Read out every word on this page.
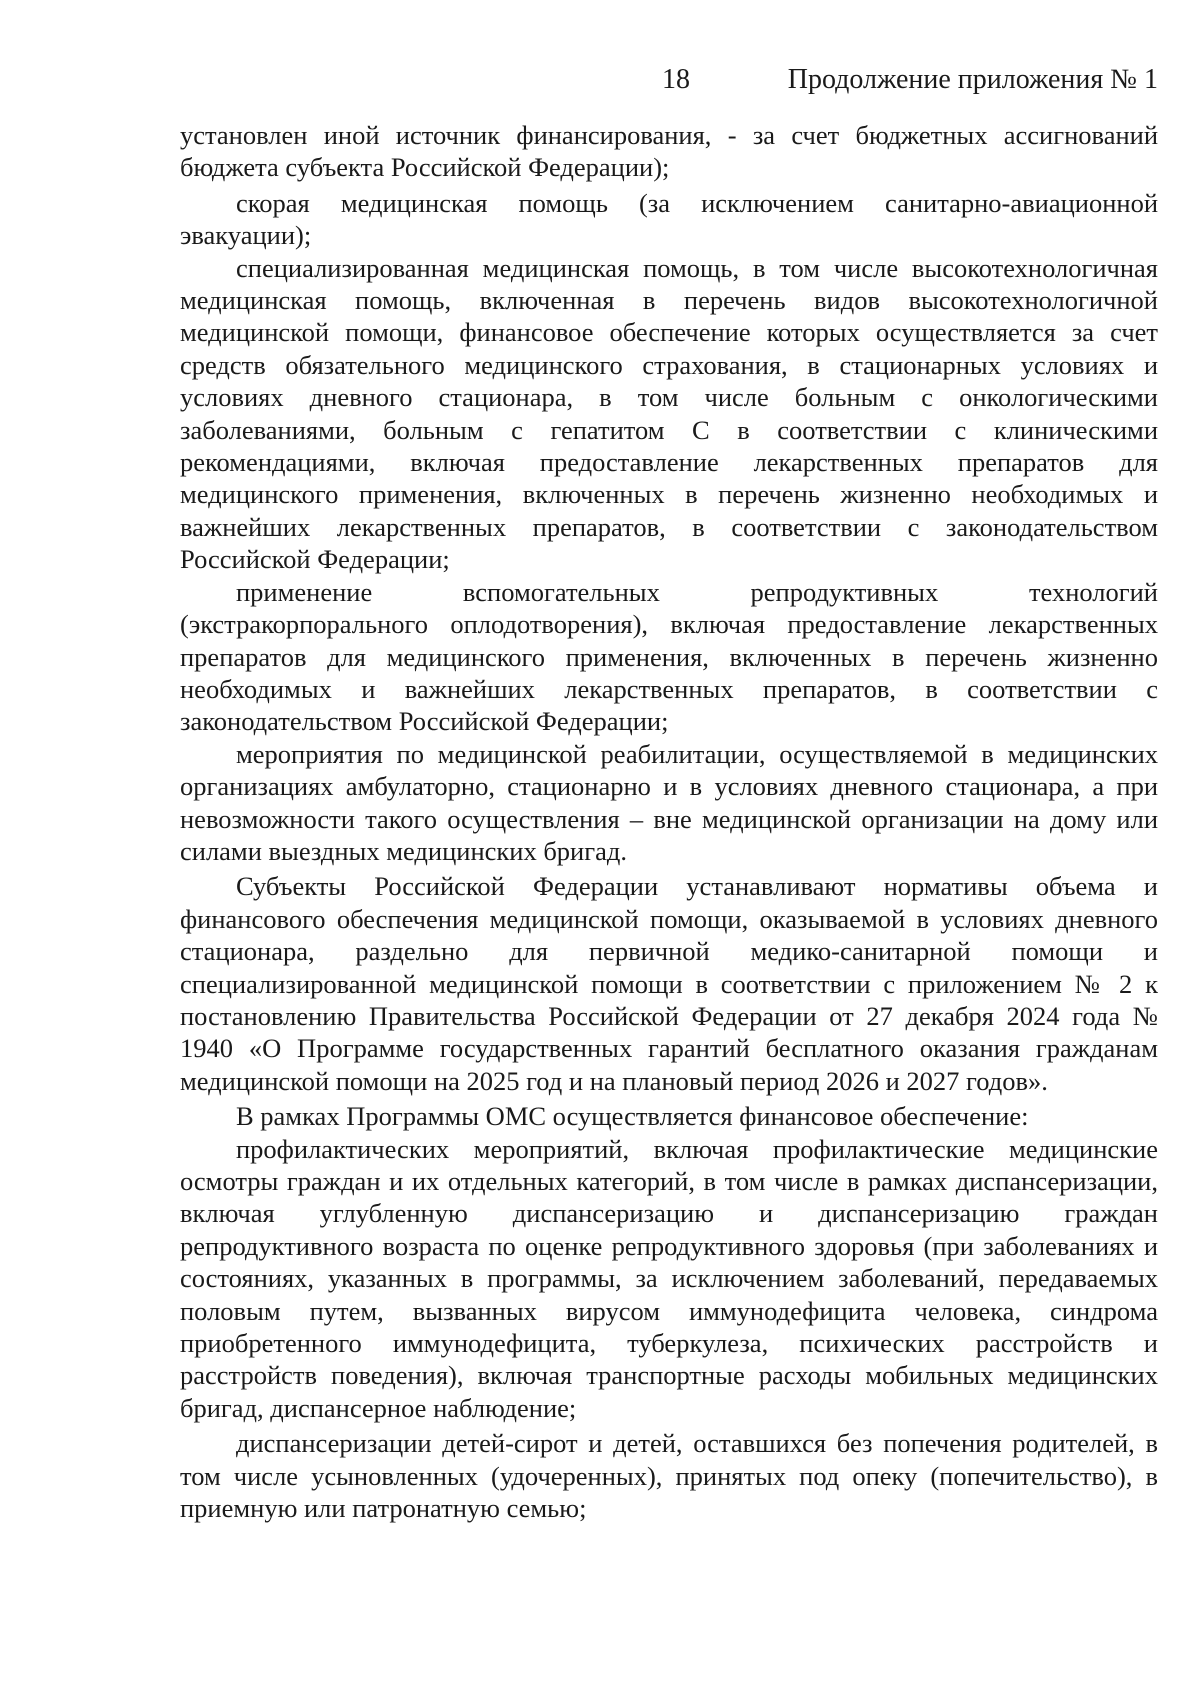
18	Продолжение приложения № 1

установлен иной источник финансирования, - за счет бюджетных ассигнований бюджета субъекта Российской Федерации);

скорая медицинская помощь (за исключением санитарно-авиационной эвакуации);

специализированная медицинская помощь, в том числе высокотехнологичная медицинская помощь, включенная в перечень видов высокотехнологичной медицинской помощи, финансовое обеспечение которых осуществляется за счет средств обязательного медицинского страхования, в стационарных условиях и условиях дневного стационара, в том числе больным с онкологическими заболеваниями, больным с гепатитом С в соответствии с клиническими рекомендациями, включая предоставление лекарственных препаратов для медицинского применения, включенных в перечень жизненно необходимых и важнейших лекарственных препаратов, в соответствии с законодательством Российской Федерации;

применение вспомогательных репродуктивных технологий (экстракорпорального оплодотворения), включая предоставление лекарственных препаратов для медицинского применения, включенных в перечень жизненно необходимых и важнейших лекарственных препаратов, в соответствии с законодательством Российской Федерации;

мероприятия по медицинской реабилитации, осуществляемой в медицинских организациях амбулаторно, стационарно и в условиях дневного стационара, а при невозможности такого осуществления – вне медицинской организации на дому или силами выездных медицинских бригад.

Субъекты Российской Федерации устанавливают нормативы объема и финансового обеспечения медицинской помощи, оказываемой в условиях дневного стационара, раздельно для первичной медико-санитарной помощи и специализированной медицинской помощи в соответствии с приложением № 2 к постановлению Правительства Российской Федерации от 27 декабря 2024 года № 1940 «О Программе государственных гарантий бесплатного оказания гражданам медицинской помощи на 2025 год и на плановый период 2026 и 2027 годов».

В рамках Программы ОМС осуществляется финансовое обеспечение:

профилактических мероприятий, включая профилактические медицинские осмотры граждан и их отдельных категорий, в том числе в рамках диспансеризации, включая углубленную диспансеризацию и диспансеризацию граждан репродуктивного возраста по оценке репродуктивного здоровья (при заболеваниях и состояниях, указанных в программы, за исключением заболеваний, передаваемых половым путем, вызванных вирусом иммунодефицита человека, синдрома приобретенного иммунодефицита, туберкулеза, психических расстройств и расстройств поведения), включая транспортные расходы мобильных медицинских бригад, диспансерное наблюдение;

диспансеризации детей-сирот и детей, оставшихся без попечения родителей, в том числе усыновленных (удочеренных), принятых под опеку (попечительство), в приемную или патронатную семью;
